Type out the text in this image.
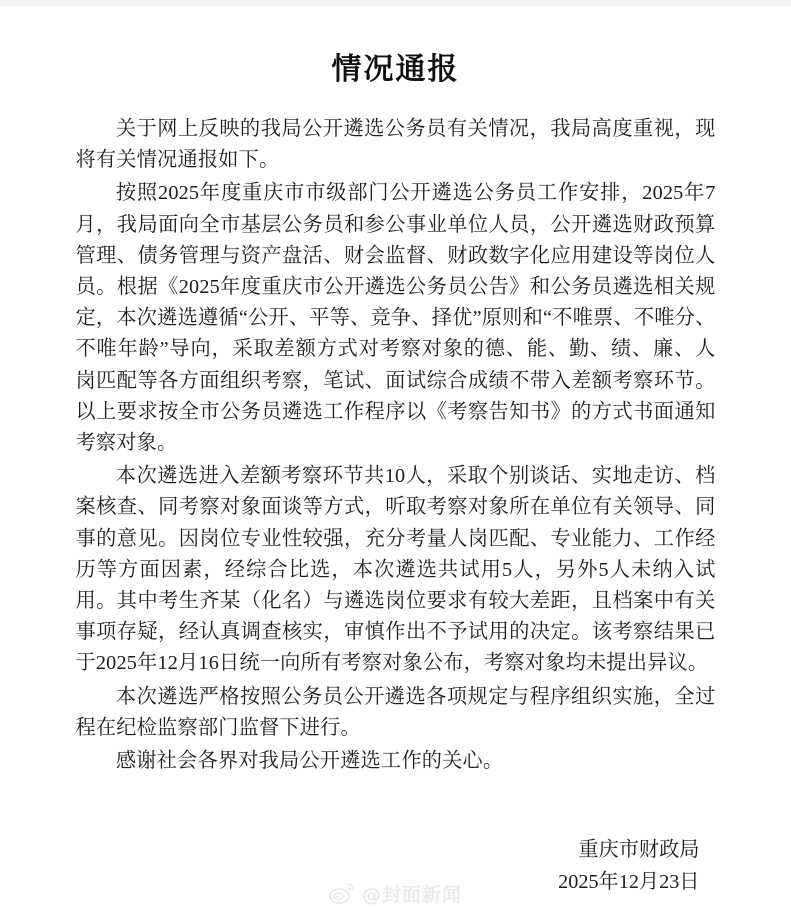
情况通报

关于网上反映的我局公开遴选公务员有关情况，我局高度重视，现将有关情况通报如下。

按照2025年度重庆市市级部门公开遴选公务员工作安排，2025年7月，我局面向全市基层公务员和参公事业单位人员，公开遴选财政预算管理、债务管理与资产盘活、财会监督、财政数字化应用建设等岗位人员。根据《2025年度重庆市公开遴选公务员公告》和公务员遴选相关规定，本次遴选遵循“公开、平等、竞争、择优”原则和“不唯票、不唯分、不唯年龄”导向，采取差额方式对考察对象的德、能、勤、绩、廉、人岗匹配等各方面组织考察，笔试、面试综合成绩不带入差额考察环节。以上要求按全市公务员遴选工作程序以《考察告知书》的方式书面通知考察对象。

本次遴选进入差额考察环节共10人，采取个别谈话、实地走访、档案核查、同考察对象面谈等方式，听取考察对象所在单位有关领导、同事的意见。因岗位专业性较强，充分考量人岗匹配、专业能力、工作经历等方面因素，经综合比选，本次遴选共试用5人，另外5人未纳入试用。其中考生齐某（化名）与遴选岗位要求有较大差距，且档案中有关事项存疑，经认真调查核实，审慎作出不予试用的决定。该考察结果已于2025年12月16日统一向所有考察对象公布，考察对象均未提出异议。

本次遴选严格按照公务员公开遴选各项规定与程序组织实施，全过程在纪检监察部门监督下进行。

感谢社会各界对我局公开遴选工作的关心。

重庆市财政局
2025年12月23日
@封面新闻
